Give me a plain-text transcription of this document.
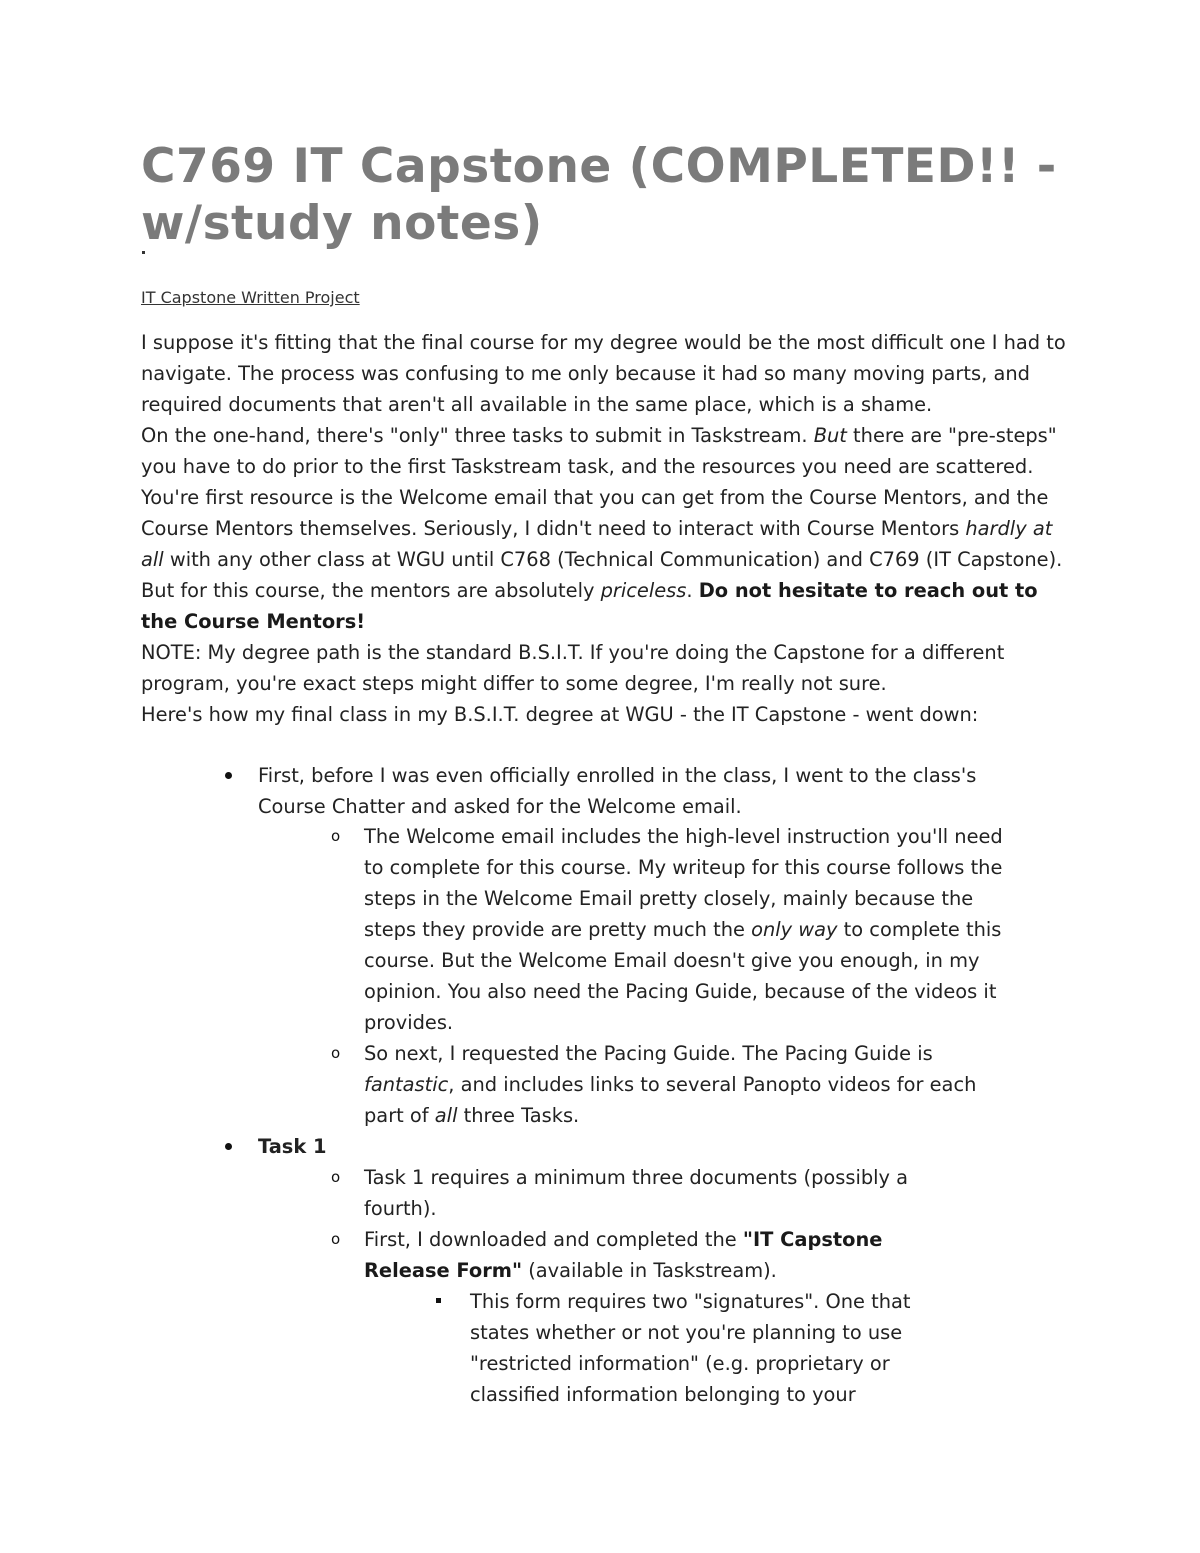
C769 IT Capstone (COMPLETED!! - w/study notes)
IT Capstone Written Project

I suppose it's fitting that the final course for my degree would be the most difficult one I had to navigate. The process was confusing to me only because it had so many moving parts, and required documents that aren't all available in the same place, which is a shame.

On the one-hand, there's "only" three tasks to submit in Taskstream. But there are "pre-steps" you have to do prior to the first Taskstream task, and the resources you need are scattered. You're first resource is the Welcome email that you can get from the Course Mentors, and the Course Mentors themselves. Seriously, I didn't need to interact with Course Mentors hardly at all with any other class at WGU until C768 (Technical Communication) and C769 (IT Capstone). But for this course, the mentors are absolutely priceless. Do not hesitate to reach out to the Course Mentors!

NOTE: My degree path is the standard B.S.I.T. If you're doing the Capstone for a different program, you're exact steps might differ to some degree, I'm really not sure.

Here's how my final class in my B.S.I.T. degree at WGU - the IT Capstone - went down:

First, before I was even officially enrolled in the class, I went to the class's Course Chatter and asked for the Welcome email.
o The Welcome email includes the high-level instruction you'll need to complete for this course. My writeup for this course follows the steps in the Welcome Email pretty closely, mainly because the steps they provide are pretty much the only way to complete this course. But the Welcome Email doesn't give you enough, in my opinion. You also need the Pacing Guide, because of the videos it provides.
o So next, I requested the Pacing Guide. The Pacing Guide is fantastic, and includes links to several Panopto videos for each part of all three Tasks.
Task 1
o Task 1 requires a minimum three documents (possibly a fourth).
o First, I downloaded and completed the "IT Capstone Release Form" (available in Taskstream).
This form requires two "signatures". One that states whether or not you're planning to use "restricted information" (e.g. proprietary or classified information belonging to your
